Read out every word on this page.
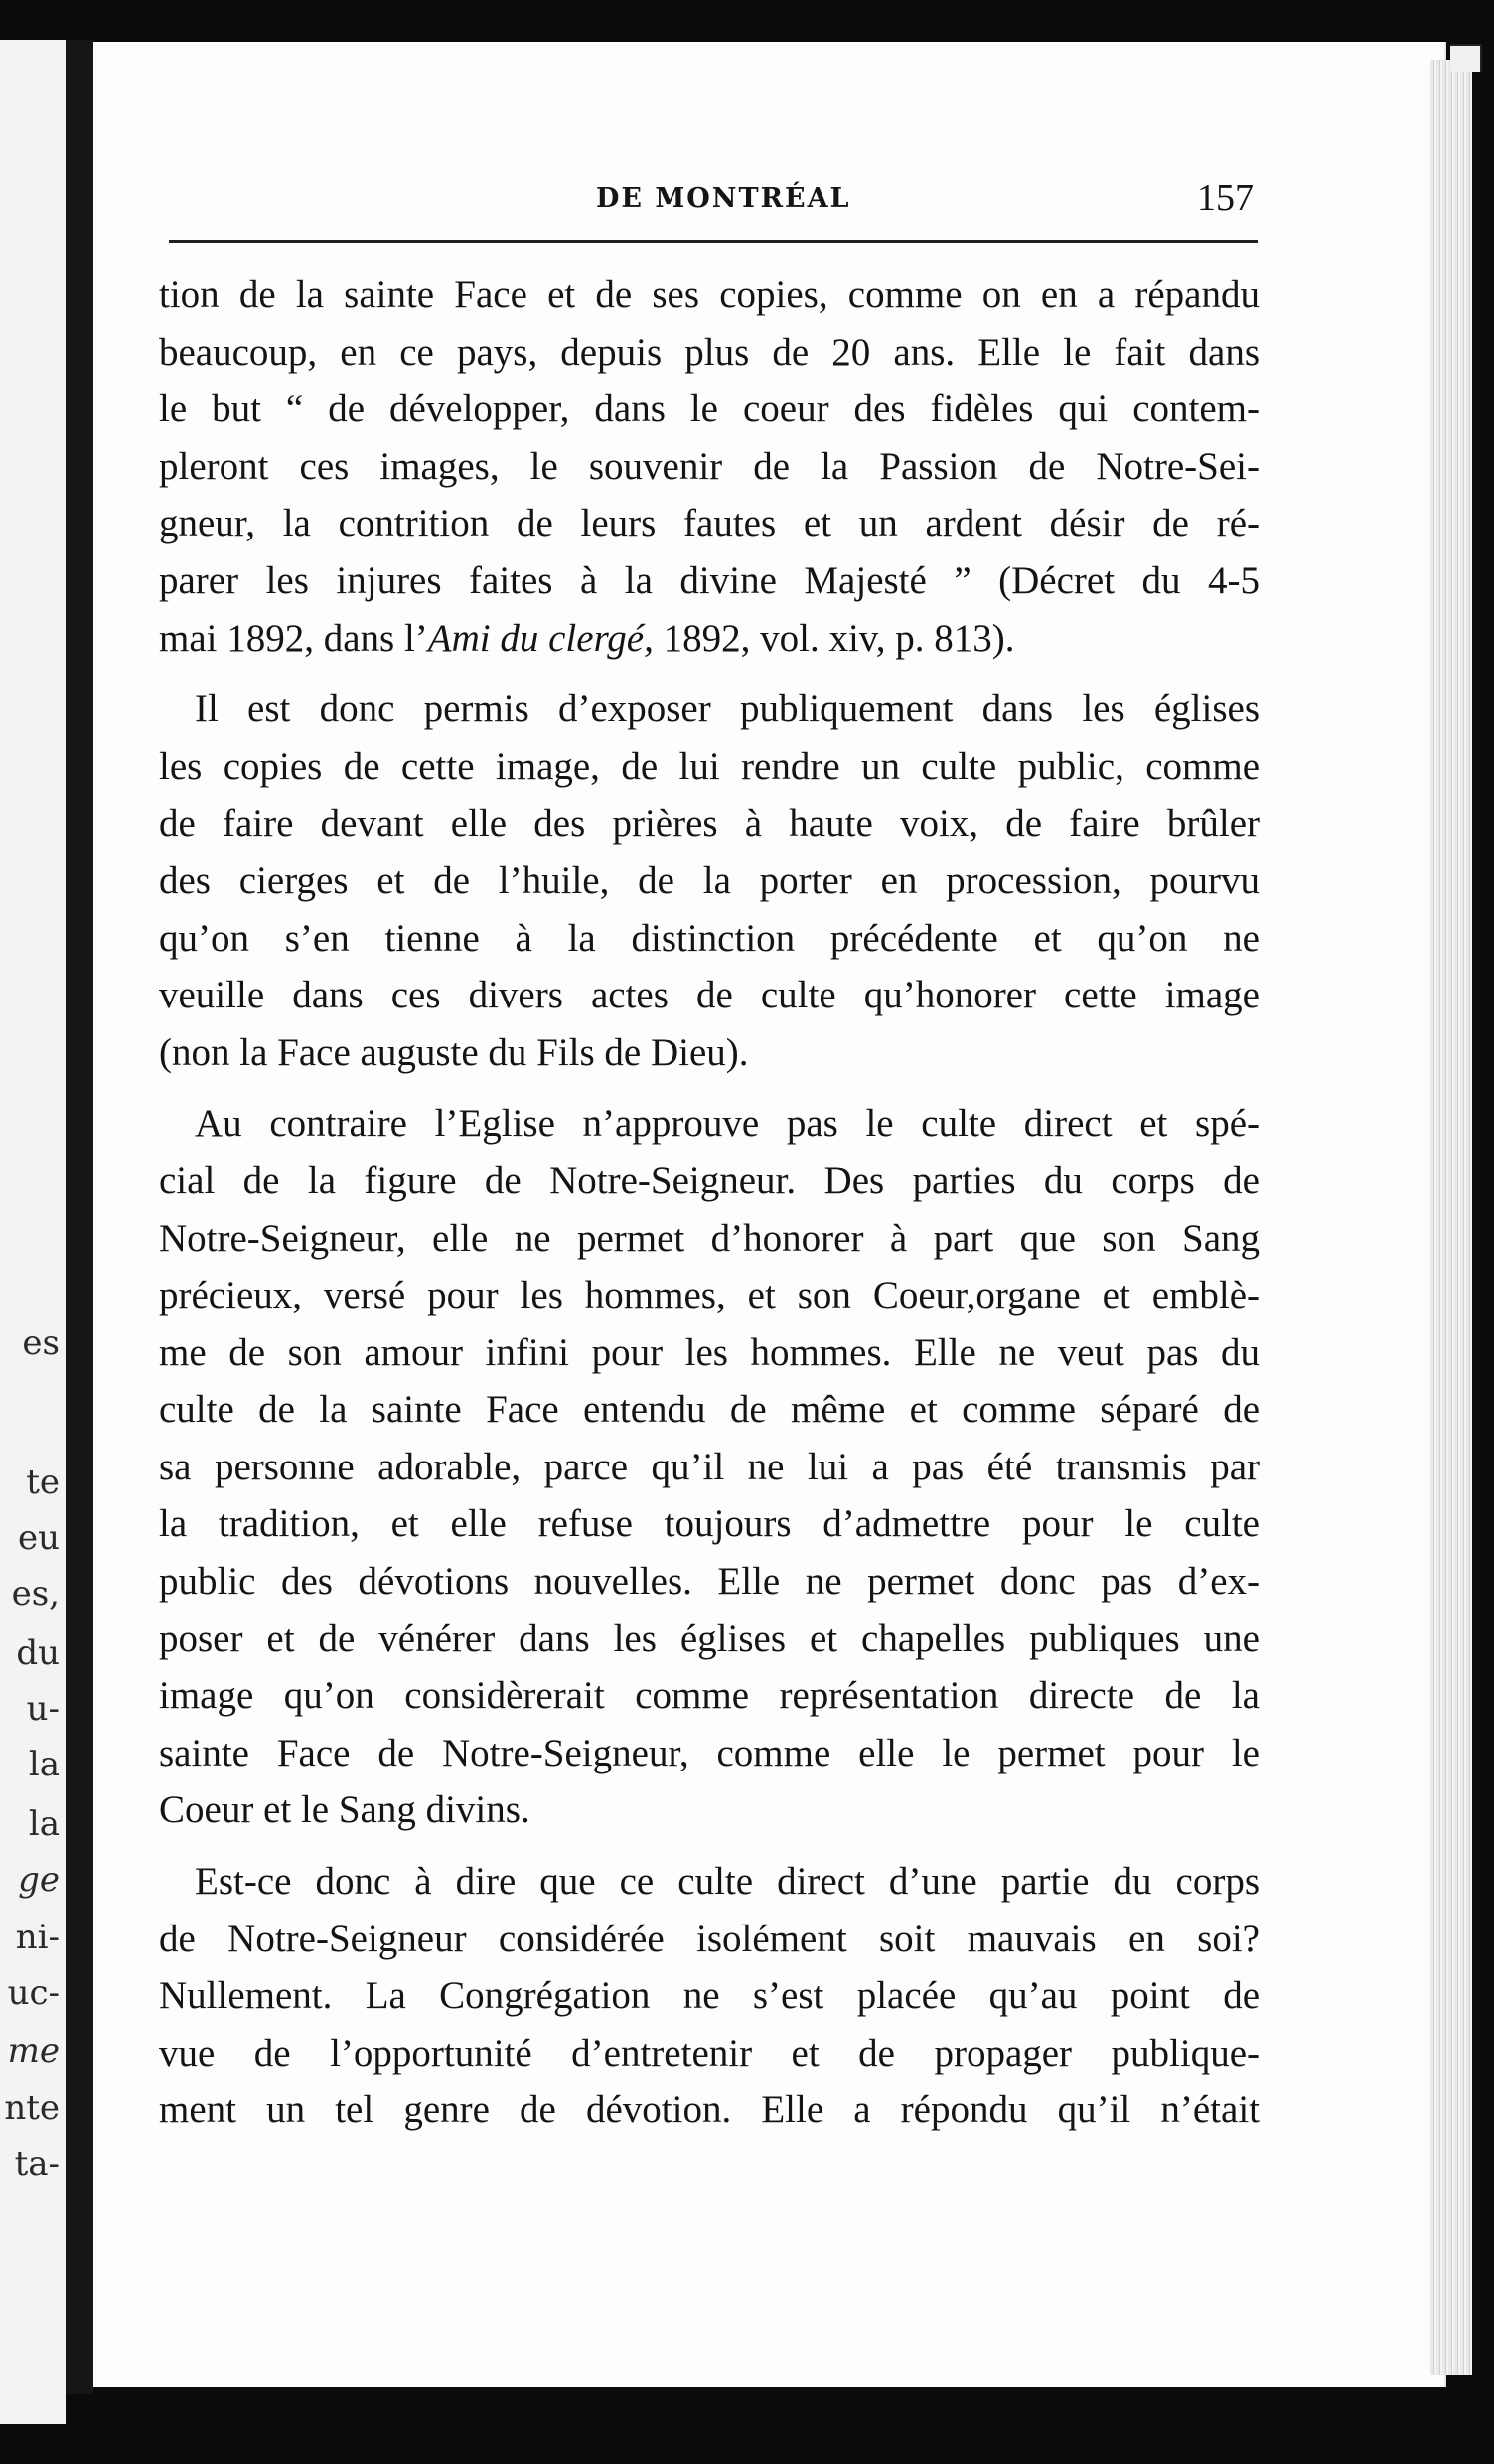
es
te
eu
es,
du
u-
la
la
ge
ni-
uc-
me
nte
ta-
DE MONTRÉAL	157
tion de la sainte Face et de ses copies, comme on en a répandu
beaucoup, en ce pays, depuis plus de 20 ans. Elle le fait dans
le but “ de développer, dans le coeur des fidèles qui contem-
pleront ces images, le souvenir de la Passion de Notre-Sei-
gneur, la contrition de leurs fautes et un ardent désir de ré-
parer les injures faites à la divine Majesté ” (Décret du 4-5
mai 1892, dans l’Ami du clergé, 1892, vol. xiv, p. 813).
Il est donc permis d’exposer publiquement dans les églises
les copies de cette image, de lui rendre un culte public, comme
de faire devant elle des prières à haute voix, de faire brûler
des cierges et de l’huile, de la porter en procession, pourvu
qu’on s’en tienne à la distinction précédente et qu’on ne
veuille dans ces divers actes de culte qu’honorer cette image
(non la Face auguste du Fils de Dieu).
Au contraire l’Eglise n’approuve pas le culte direct et spé-
cial de la figure de Notre-Seigneur. Des parties du corps de
Notre-Seigneur, elle ne permet d’honorer à part que son Sang
précieux, versé pour les hommes, et son Coeur,organe et emblè-
me de son amour infini pour les hommes. Elle ne veut pas du
culte de la sainte Face entendu de même et comme séparé de
sa personne adorable, parce qu’il ne lui a pas été transmis par
la tradition, et elle refuse toujours d’admettre pour le culte
public des dévotions nouvelles. Elle ne permet donc pas d’ex-
poser et de vénérer dans les églises et chapelles publiques une
image qu’on considèrerait comme représentation directe de la
sainte Face de Notre-Seigneur, comme elle le permet pour le
Coeur et le Sang divins.
Est-ce donc à dire que ce culte direct d’une partie du corps
de Notre-Seigneur considérée isolément soit mauvais en soi?
Nullement. La Congrégation ne s’est placée qu’au point de
vue de l’opportunité d’entretenir et de propager publique-
ment un tel genre de dévotion. Elle a répondu qu’il n’était
